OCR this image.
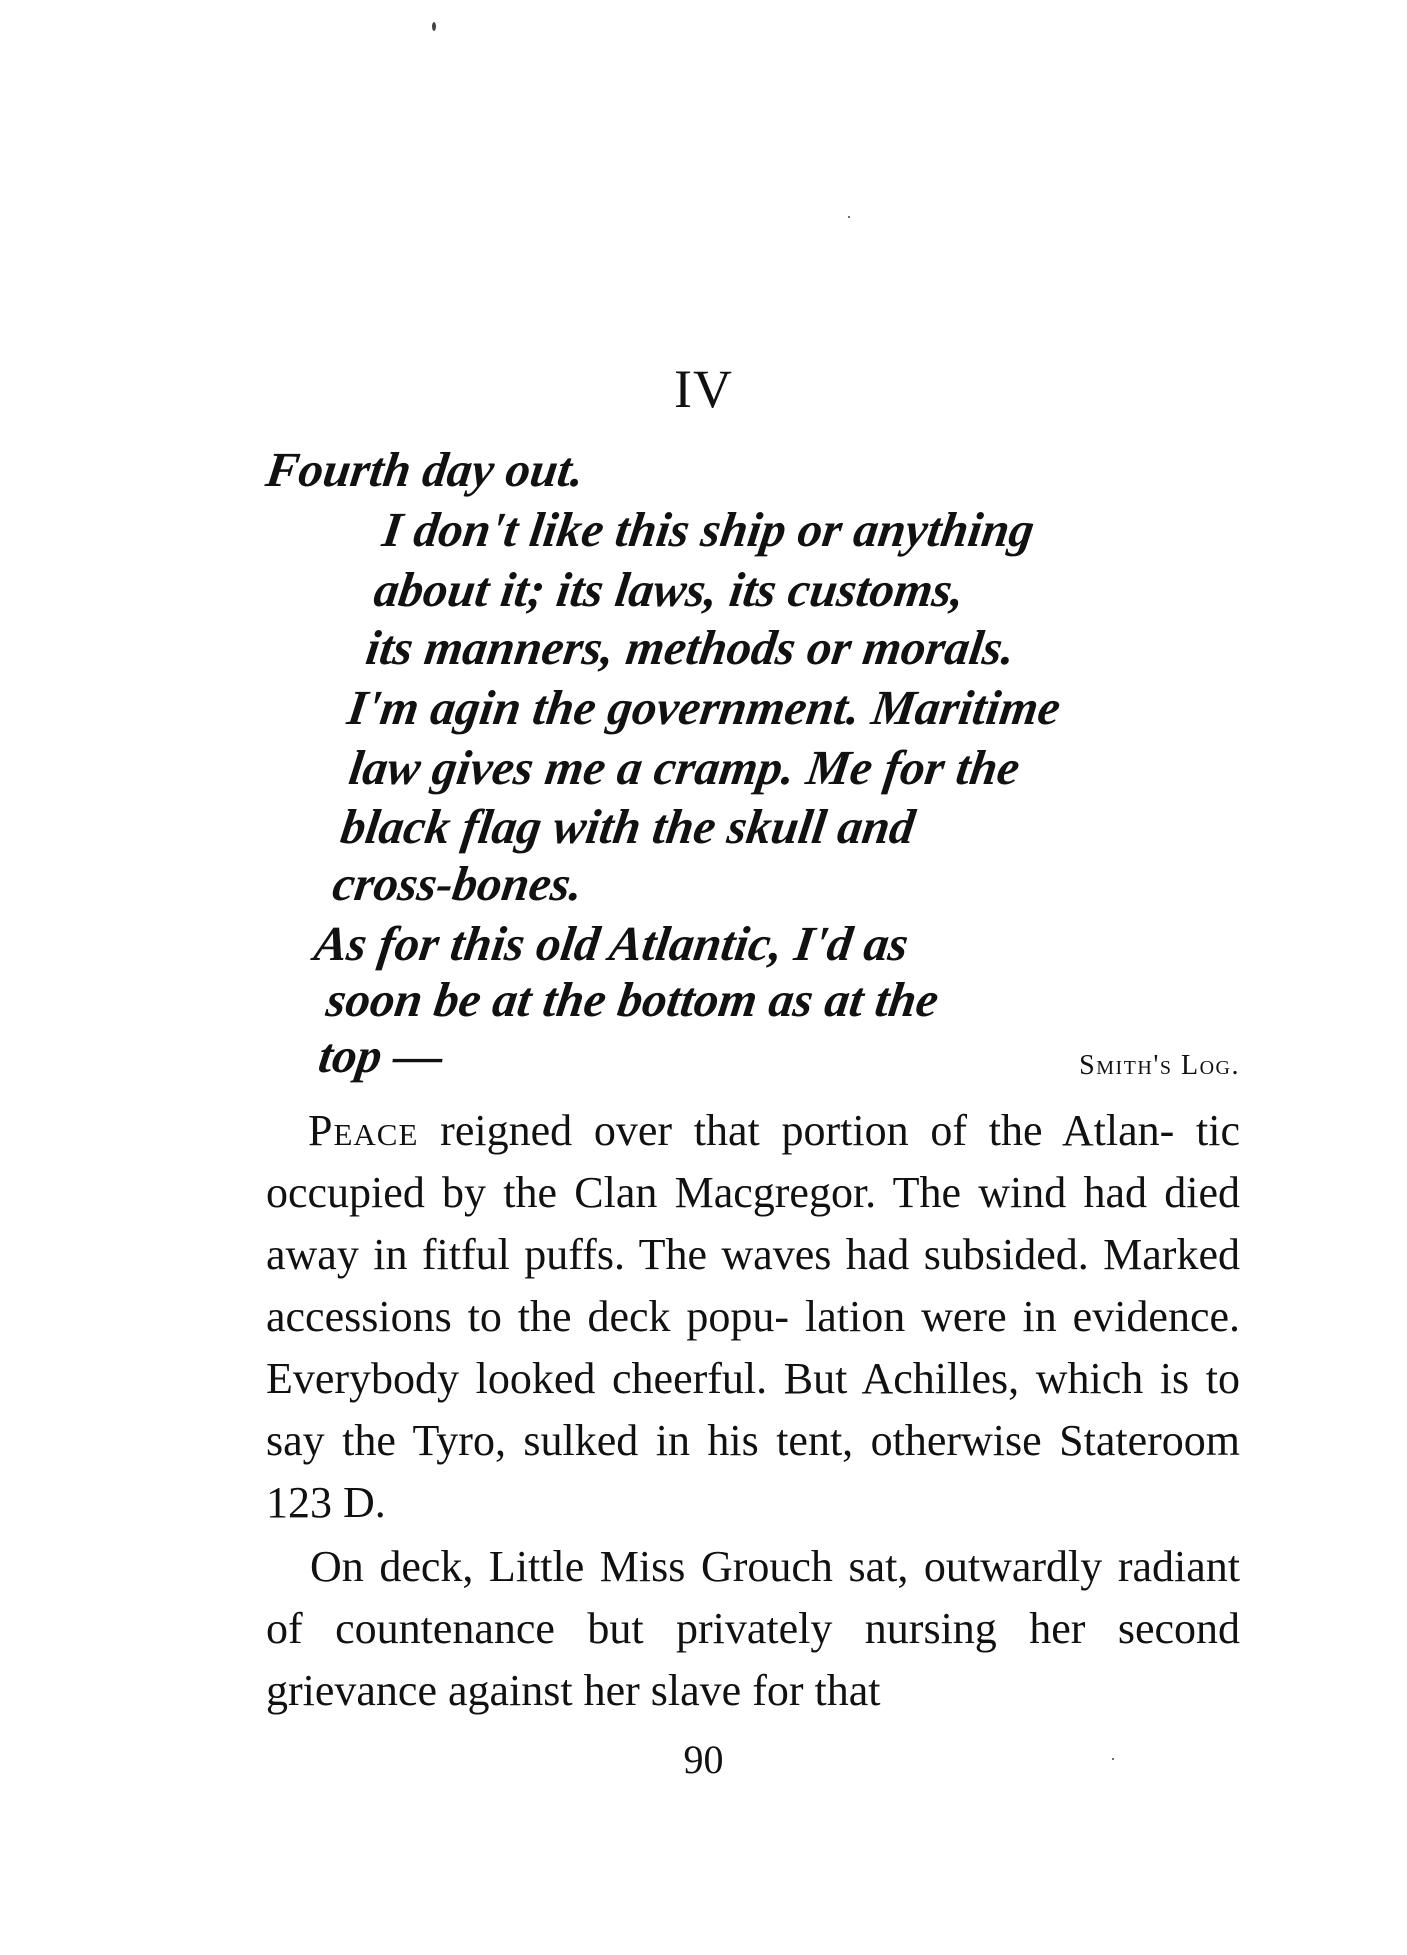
IV
Fourth day out.
I don't like this ship or anything
about it; its laws, its customs,
its manners, methods or morals.
I'm agin the government. Maritime
law gives me a cramp. Me for the
black flag with the skull and
cross-bones.
As for this old Atlantic, I'd as
soon be at the bottom as at the
top —	Smith's Log.

Peace reigned over that portion of the Atlan- tic occupied by the Clan Macgregor. The wind had died away in fitful puffs. The waves had subsided. Marked accessions to the deck popu- lation were in evidence. Everybody looked cheerful. But Achilles, which is to say the Tyro, sulked in his tent, otherwise Stateroom 123 D.

On deck, Little Miss Grouch sat, outwardly radiant of countenance but privately nursing her second grievance against her slave for that

90
